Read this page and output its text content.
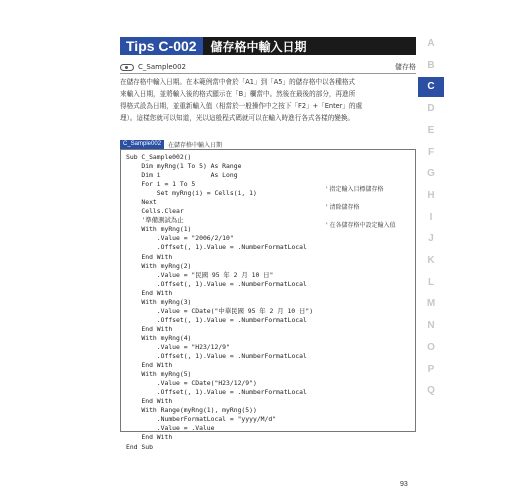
Tips C-002	儲存格中輸入日期
C_Sample002	儲存格

在儲存格中輸入日期。在本範例當中會於「A1」到「A5」的儲存格中以各種格式
來輸入日期，並將輸入後的格式顯示在「B」欄當中。然後在最後的部分，再進所
得格式設為日期，並重新輸入值（相當於一般操作中之按下「F2」+「Enter」的處
理）。這樣您就可以知道，光以這般程式碼就可以在輸入時進行各式各樣的變換。

C_Sample002	在儲存格中輸入日期
Sub C_Sample002()
Dim myRng(1 To 5) As Range
Dim i             As Long
For i = 1 To 5
Set myRng(i) = Cells(i, 1)
Next
Cells.Clear
'準備測試為止
With myRng(1)
.Value = "2006/2/10"
.Offset(, 1).Value = .NumberFormatLocal
End With
With myRng(2)
.Value = "民國 95 年 2 月 10 日"
.Offset(, 1).Value = .NumberFormatLocal
End With
With myRng(3)
.Value = CDate("中華民國 95 年 2 月 10 日")
.Offset(, 1).Value = .NumberFormatLocal
End With
With myRng(4)
.Value = "H23/12/9"
.Offset(, 1).Value = .NumberFormatLocal
End With
With myRng(5)
.Value = CDate("H23/12/9")
.Offset(, 1).Value = .NumberFormatLocal
End With
With Range(myRng(1), myRng(5))
.NumberFormatLocal = "yyyy/M/d"
.Value = .Value
End With
End Sub
' 指定輸入目標儲存格
' 清除儲存格
' 在各儲存格中設定輸入值
A
B
C
D
E
F
G
H
I
J
K
L
M
N
O
P
Q
93
